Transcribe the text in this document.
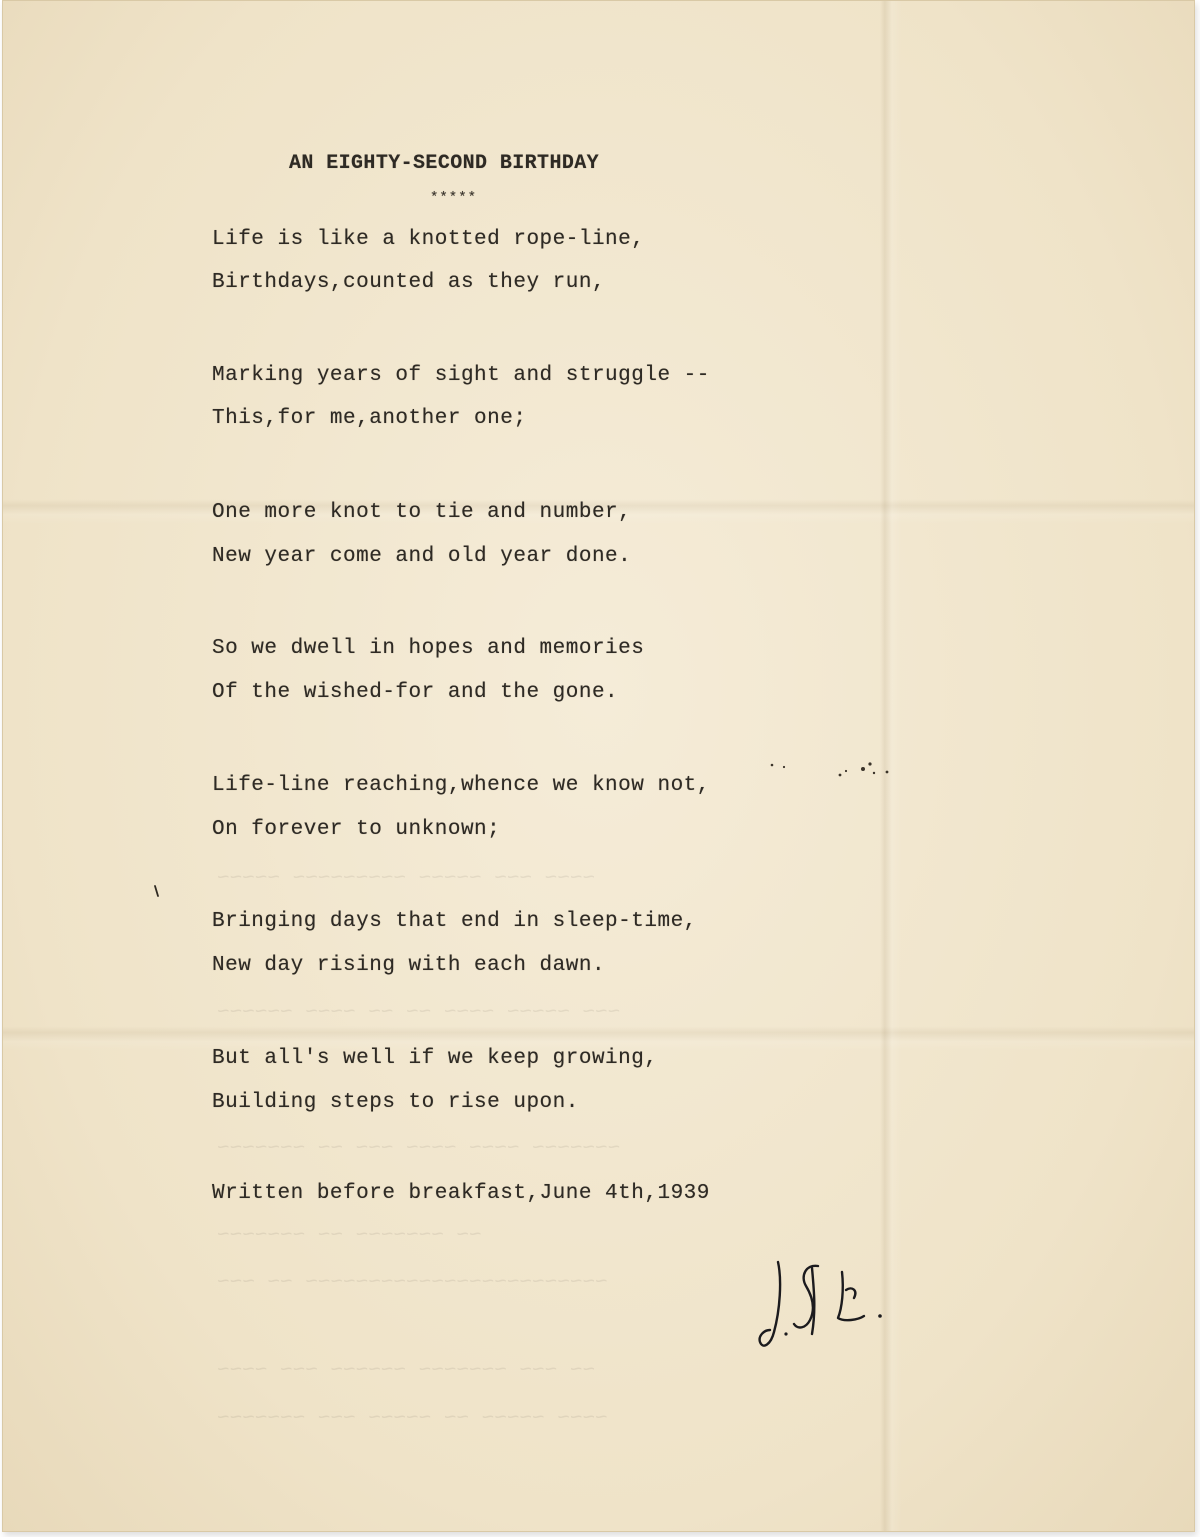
~~~~ ~~~ ~~~~~ ~~~~~~~~~ ~~~~~
~~~ ~~~~~ ~~~~ ~~ ~~ ~~~~ ~~~~~~
~~~~~~~ ~~~~ ~~~~ ~~~ ~~ ~~~~~~~
~~ ~~~~~~~ ~~ ~~~~~~~
~~~~~~~~~~~~~~~~~~~~~~~~ ~~ ~~~
~~ ~~~ ~~~~~~~ ~~~~~~ ~~~ ~~~~
~~~~ ~~~~~ ~~ ~~~~~ ~~~ ~~~~~~~
AN EIGHTY-SECOND BIRTHDAY
*****
Life is like a knotted rope-line,
Birthdays,counted as they run,
Marking years of sight and struggle --
This,for me,another one;
One more knot to tie and number,
New year come and old year done.
So we dwell in hopes and memories
Of the wished-for and the gone.
Life-line reaching,whence we know not,
On forever to unknown;
Bringing days that end in sleep-time,
New day rising with each dawn.
But all's well if we keep growing,
Building steps to rise upon.
Written before breakfast,June 4th,1939
